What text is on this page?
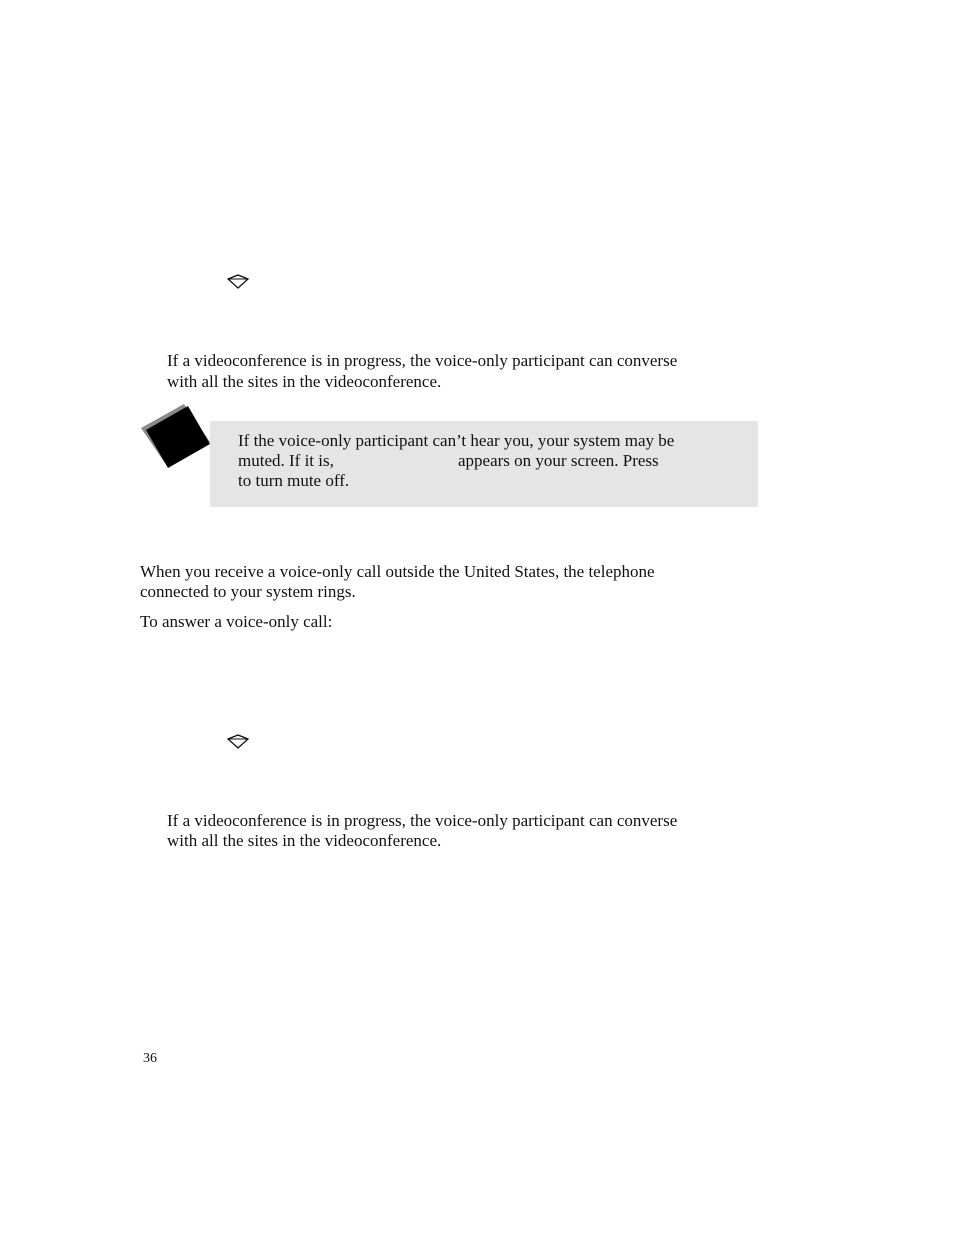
If a videoconference is in progress, the voice-only participant can converse
with all the sites in the videoconference.
If the voice-only participant can’t hear you, your system may be
muted. If it is,	appears on your screen. Press
to turn mute off.
When you receive a voice-only call outside the United States, the telephone
connected to your system rings.
To answer a voice-only call:
If a videoconference is in progress, the voice-only participant can converse
with all the sites in the videoconference.
36
